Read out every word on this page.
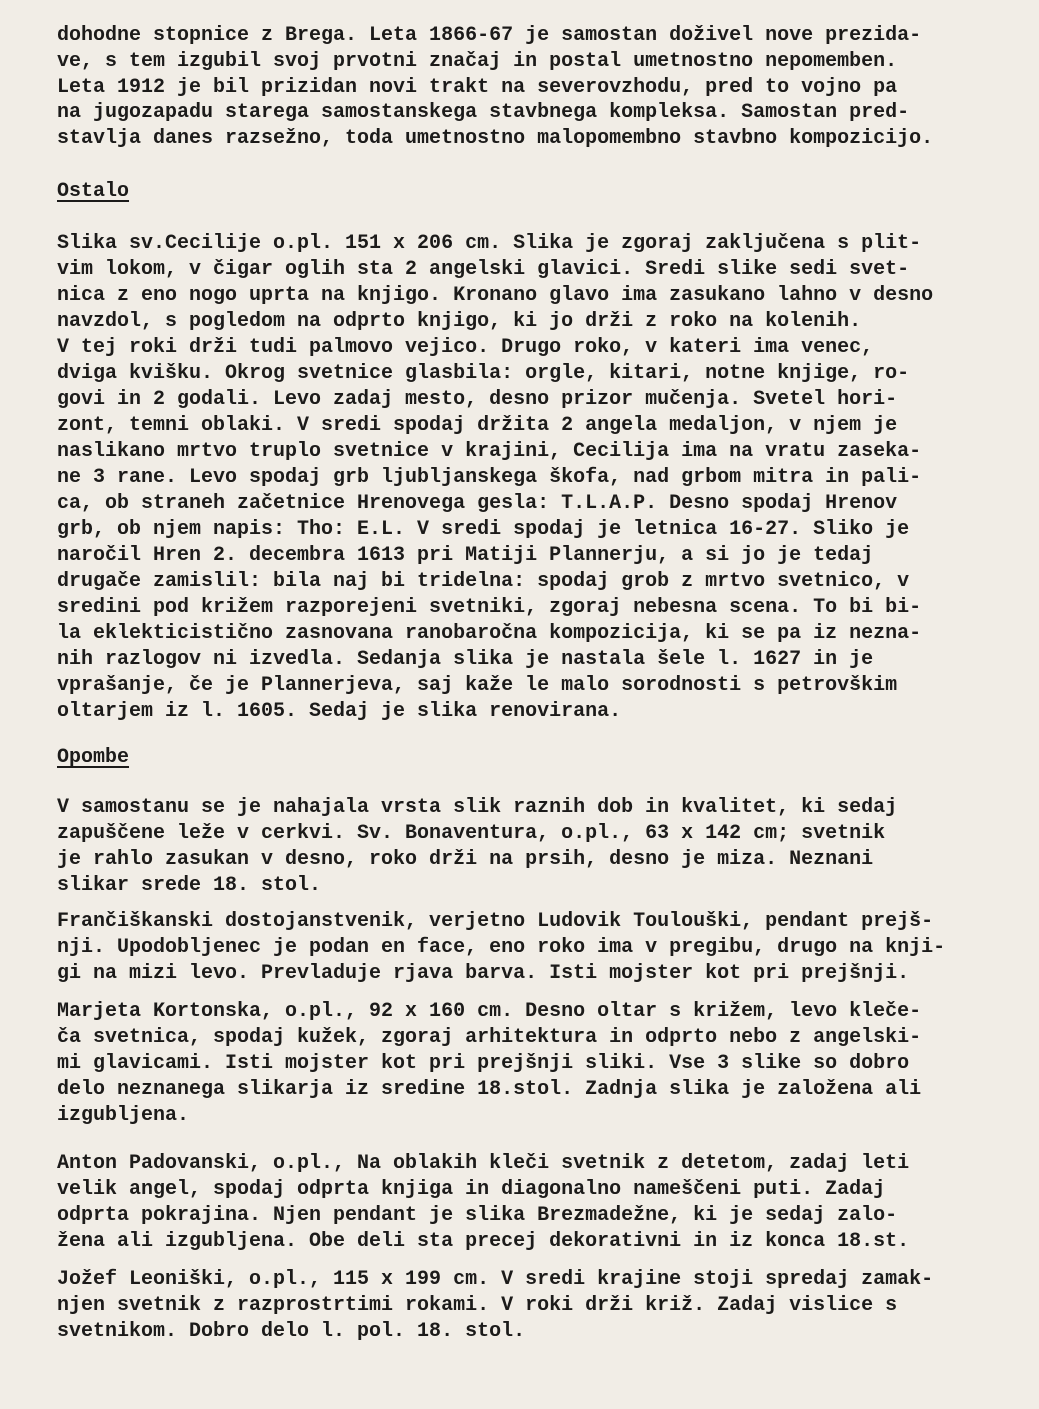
dohodne stopnice z Brega. Leta 1866-67 je samostan doživel nove prezida-

ve, s tem izgubil svoj prvotni značaj in postal umetnostno nepomemben.

Leta 1912 je bil prizidan novi trakt na severovzhodu, pred to vojno pa

na jugozapadu starega samostanskega stavbnega kompleksa. Samostan pred-

stavlja danes razsežno, toda umetnostno malopomembno stavbno kompozicijo.

Ostalo

Slika sv.Cecilije o.pl. 151 x 206 cm. Slika je zgoraj zaključena s plit-

vim lokom, v čigar oglih sta 2 angelski glavici. Sredi slike sedi svet-

nica z eno nogo uprta na knjigo. Kronano glavo ima zasukano lahno v desno

navzdol, s pogledom na odprto knjigo, ki jo drži z roko na kolenih.

V tej roki drži tudi palmovo vejico. Drugo roko, v kateri ima venec,

dviga kvišku. Okrog svetnice glasbila: orgle, kitari, notne knjige, ro-

govi in 2 godali. Levo zadaj mesto, desno prizor mučenja. Svetel hori-

zont, temni oblaki. V sredi spodaj držita 2 angela medaljon, v njem je

naslikano mrtvo truplo svetnice v krajini, Cecilija ima na vratu zaseka-

ne 3 rane. Levo spodaj grb ljubljanskega škofa, nad grbom mitra in pali-

ca, ob straneh začetnice Hrenovega gesla: T.L.A.P. Desno spodaj Hrenov

grb, ob njem napis: Tho: E.L. V sredi spodaj je letnica 16-27. Sliko je

naročil Hren 2. decembra 1613 pri Matiji Plannerju, a si jo je tedaj

drugače zamislil: bila naj bi tridelna: spodaj grob z mrtvo svetnico, v

sredini pod križem razporejeni svetniki, zgoraj nebesna scena. To bi bi-

la eklekticistično zasnovana ranobaročna kompozicija, ki se pa iz nezna-

nih razlogov ni izvedla. Sedanja slika je nastala šele l. 1627 in je

vprašanje, če je Plannerjeva, saj kaže le malo sorodnosti s petrovškim

oltarjem iz l. 1605. Sedaj je slika renovirana.

Opombe

V samostanu se je nahajala vrsta slik raznih dob in kvalitet, ki sedaj

zapuščene leže v cerkvi. Sv. Bonaventura, o.pl., 63 x 142 cm; svetnik

je rahlo zasukan v desno, roko drži na prsih, desno je miza. Neznani

slikar srede 18. stol.

Frančiškanski dostojanstvenik, verjetno Ludovik Toulouški, pendant prejš-

nji. Upodobljenec je podan en face, eno roko ima v pregibu, drugo na knji-

gi na mizi levo. Prevladuje rjava barva. Isti mojster kot pri prejšnji.

Marjeta Kortonska, o.pl., 92 x 160 cm. Desno oltar s križem, levo kleče-

ča svetnica, spodaj kužek, zgoraj arhitektura in odprto nebo z angelski-

mi glavicami. Isti mojster kot pri prejšnji sliki. Vse 3 slike so dobro

delo neznanega slikarja iz sredine 18.stol. Zadnja slika je založena ali

izgubljena.

Anton Padovanski, o.pl., Na oblakih kleči svetnik z detetom, zadaj leti

velik angel, spodaj odprta knjiga in diagonalno nameščeni puti. Zadaj

odprta pokrajina. Njen pendant je slika Brezmadežne, ki je sedaj zalo-

žena ali izgubljena. Obe deli sta precej dekorativni in iz konca 18.st.

Jožef Leoniški, o.pl., 115 x 199 cm. V sredi krajine stoji spredaj zamak-

njen svetnik z razprostrtimi rokami. V roki drži križ. Zadaj vislice s

svetnikom. Dobro delo l. pol. 18. stol.
